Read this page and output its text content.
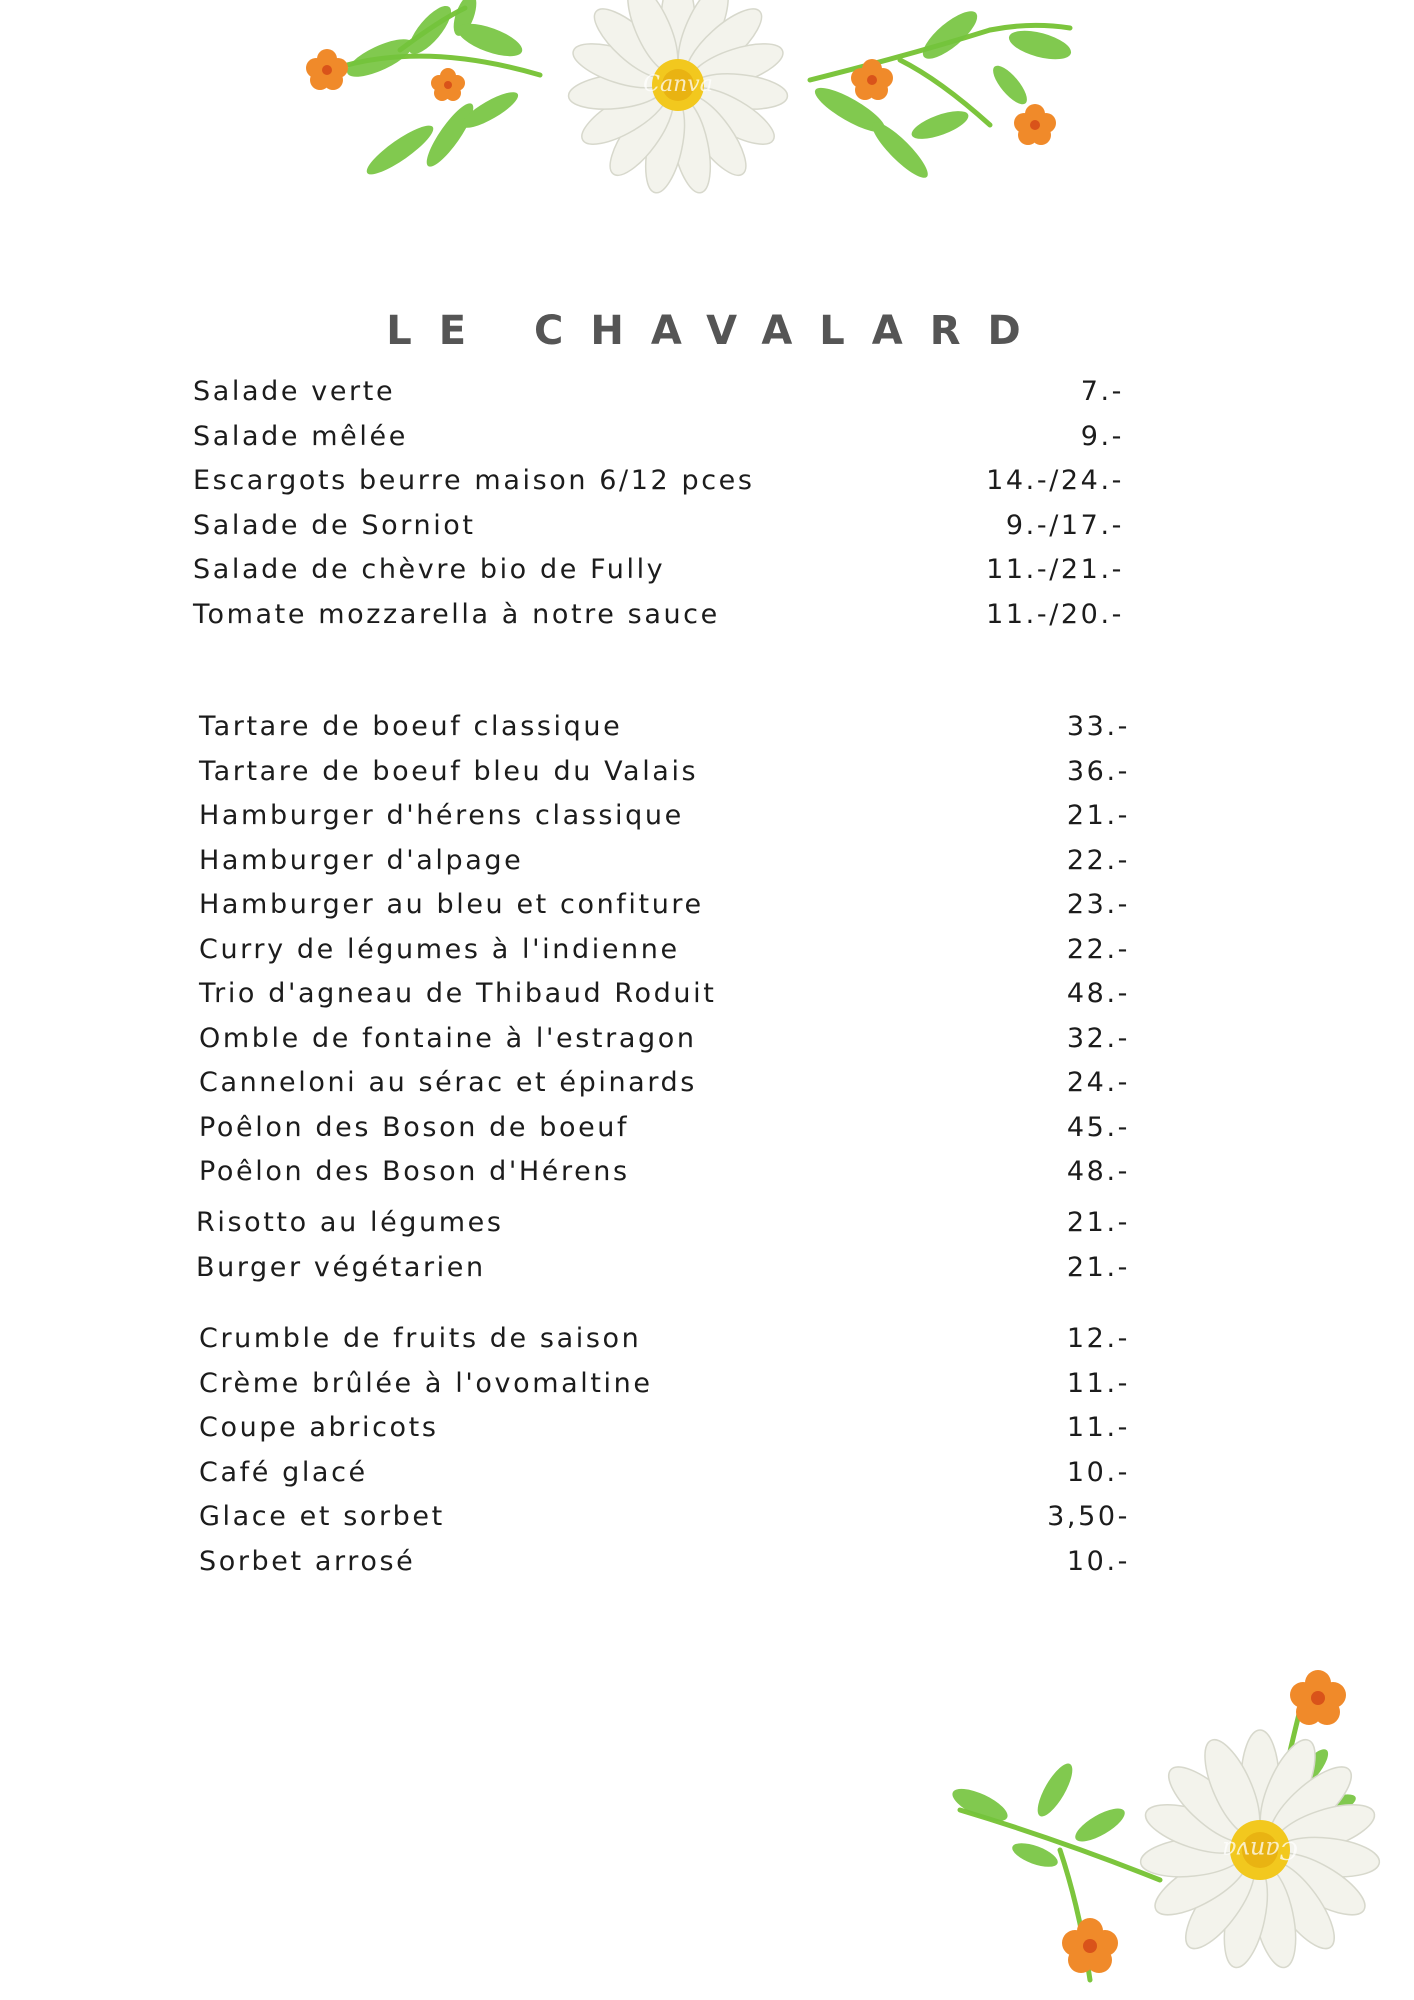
Canva
LE CHAVALARD
Salade verte	7.-
Salade mêlée	9.-
Escargots beurre maison 6/12 pces	14.-/24.-
Salade de Sorniot	9.-/17.-
Salade de chèvre bio de Fully	11.-/21.-
Tomate mozzarella à notre sauce	11.-/20.-
Tartare de boeuf classique	33.-
Tartare de boeuf bleu du Valais	36.-
Hamburger d'hérens classique	21.-
Hamburger d'alpage	22.-
Hamburger au bleu et confiture	23.-
Curry de légumes à l'indienne	22.-
Trio d'agneau de Thibaud Roduit	48.-
Omble de fontaine à l'estragon	32.-
Canneloni au sérac et épinards	24.-
Poêlon des Boson de boeuf	45.-
Poêlon des Boson d'Hérens	48.-
Risotto au légumes	21.-
Burger végétarien	21.-
Crumble de fruits de saison	12.-
Crème brûlée à l'ovomaltine	11.-
Coupe abricots	11.-
Café glacé	10.-
Glace et sorbet	3,50-
Sorbet arrosé	10.-
Canva
